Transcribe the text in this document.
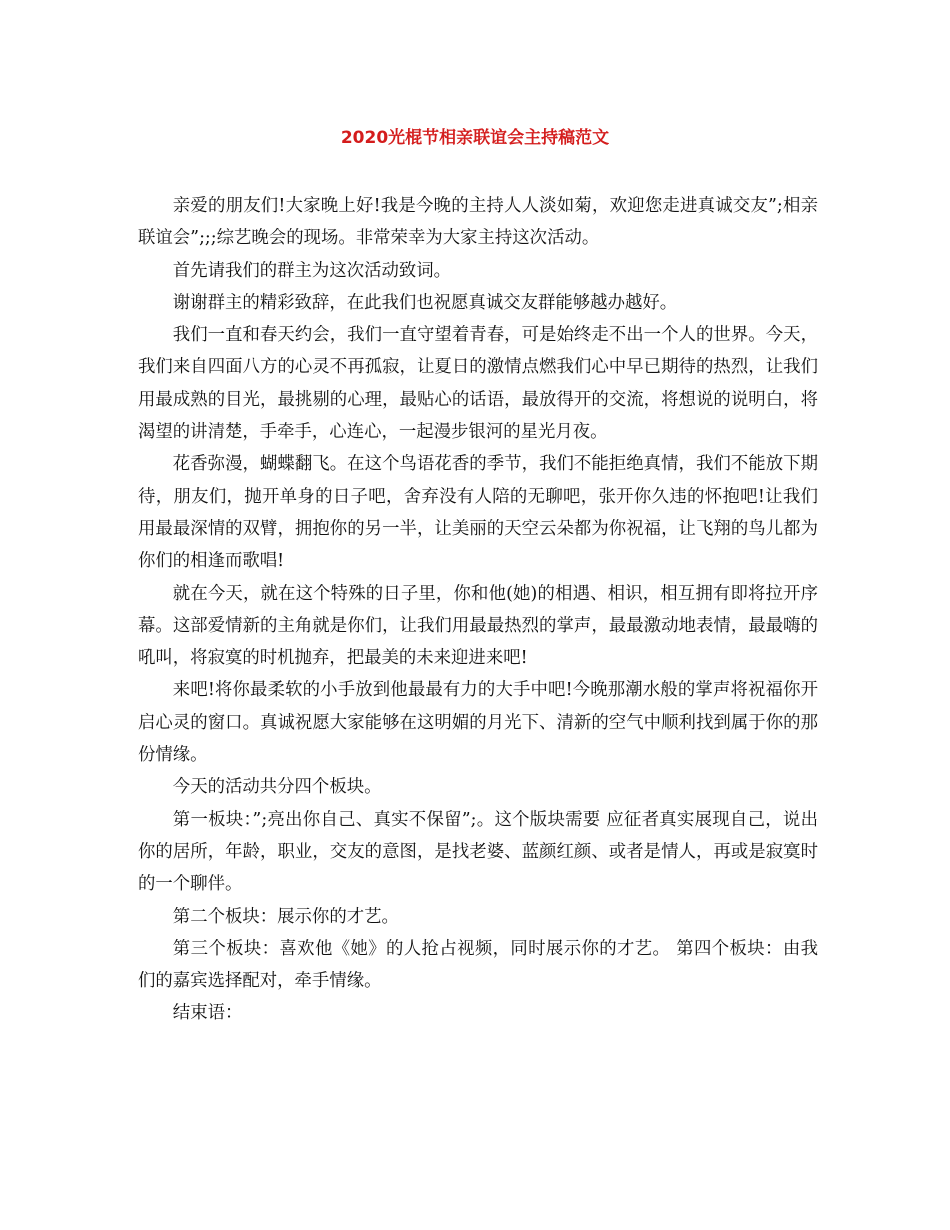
2020光棍节相亲联谊会主持稿范文

亲爱的朋友们!大家晚上好!我是今晚的主持人人淡如菊，欢迎您走进真诚交友”;相亲联谊会”;;;综艺晚会的现场。非常荣幸为大家主持这次活动。

首先请我们的群主为这次活动致词。

谢谢群主的精彩致辞，在此我们也祝愿真诚交友群能够越办越好。

我们一直和春天约会，我们一直守望着青春，可是始终走不出一个人的世界。今天，我们来自四面八方的心灵不再孤寂，让夏日的激情点燃我们心中早已期待的热烈，让我们用最成熟的目光，最挑剔的心理，最贴心的话语，最放得开的交流，将想说的说明白，将渴望的讲清楚，手牵手，心连心，一起漫步银河的星光月夜。

花香弥漫，蝴蝶翻飞。在这个鸟语花香的季节，我们不能拒绝真情，我们不能放下期待，朋友们，抛开单身的日子吧，舍弃没有人陪的无聊吧，张开你久违的怀抱吧!让我们用最最深情的双臂，拥抱你的另一半，让美丽的天空云朵都为你祝福，让飞翔的鸟儿都为你们的相逢而歌唱!

就在今天，就在这个特殊的日子里，你和他(她)的相遇、相识，相互拥有即将拉开序幕。这部爱情新的主角就是你们，让我们用最最热烈的掌声，最最激动地表情，最最嗨的吼叫，将寂寞的时机抛弃，把最美的未来迎进来吧!

来吧!将你最柔软的小手放到他最最有力的大手中吧!今晚那潮水般的掌声将祝福你开启心灵的窗口。真诚祝愿大家能够在这明媚的月光下、清新的空气中顺利找到属于你的那份情缘。

今天的活动共分四个板块。

第一板块：”;亮出你自己、真实不保留”;。这个版块需要 应征者真实展现自己，说出你的居所，年龄，职业，交友的意图，是找老婆、蓝颜红颜、或者是情人，再或是寂寞时的一个聊伴。

第二个板块：展示你的才艺。

第三个板块：喜欢他《她》的人抢占视频，同时展示你的才艺。 第四个板块：由我们的嘉宾选择配对，牵手情缘。

结束语：
